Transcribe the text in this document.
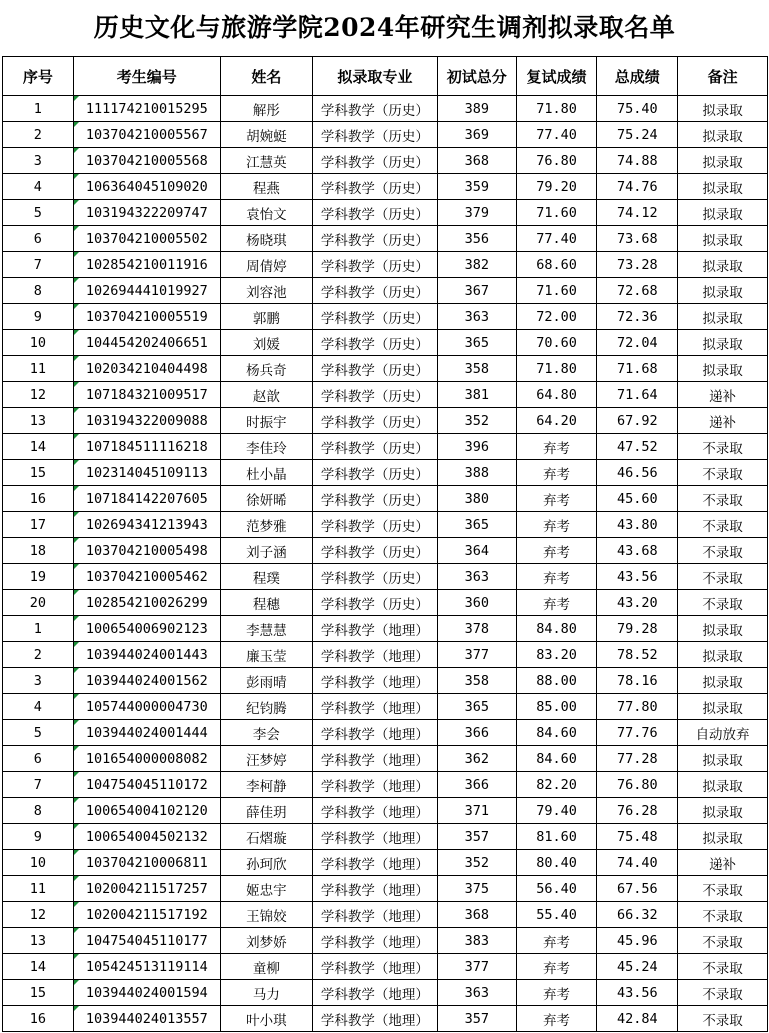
历史文化与旅游学院2024年研究生调剂拟录取名单
序号	考生编号	姓名	拟录取专业	初试总分	复试成绩	总成绩	备注
1	111174210015295	解彤	学科教学（历史）	389	71.80	75.40	拟录取
2	103704210005567	胡婉蜓	学科教学（历史）	369	77.40	75.24	拟录取
3	103704210005568	江慧英	学科教学（历史）	368	76.80	74.88	拟录取
4	106364045109020	程燕	学科教学（历史）	359	79.20	74.76	拟录取
5	103194322209747	袁怡文	学科教学（历史）	379	71.60	74.12	拟录取
6	103704210005502	杨晓琪	学科教学（历史）	356	77.40	73.68	拟录取
7	102854210011916	周倩婷	学科教学（历史）	382	68.60	73.28	拟录取
8	102694441019927	刘容池	学科教学（历史）	367	71.60	72.68	拟录取
9	103704210005519	郭鹏	学科教学（历史）	363	72.00	72.36	拟录取
10	104454202406651	刘媛	学科教学（历史）	365	70.60	72.04	拟录取
11	102034210404498	杨兵奇	学科教学（历史）	358	71.80	71.68	拟录取
12	107184321009517	赵歆	学科教学（历史）	381	64.80	71.64	递补
13	103194322009088	时振宇	学科教学（历史）	352	64.20	67.92	递补
14	107184511116218	李佳玲	学科教学（历史）	396	弃考	47.52	不录取
15	102314045109113	杜小晶	学科教学（历史）	388	弃考	46.56	不录取
16	107184142207605	徐妍晞	学科教学（历史）	380	弃考	45.60	不录取
17	102694341213943	范梦雅	学科教学（历史）	365	弃考	43.80	不录取
18	103704210005498	刘子涵	学科教学（历史）	364	弃考	43.68	不录取
19	103704210005462	程璞	学科教学（历史）	363	弃考	43.56	不录取
20	102854210026299	程穗	学科教学（历史）	360	弃考	43.20	不录取
1	100654006902123	李慧慧	学科教学（地理）	378	84.80	79.28	拟录取
2	103944024001443	廉玉莹	学科教学（地理）	377	83.20	78.52	拟录取
3	103944024001562	彭雨晴	学科教学（地理）	358	88.00	78.16	拟录取
4	105744000004730	纪钧腾	学科教学（地理）	365	85.00	77.80	拟录取
5	103944024001444	李会	学科教学（地理）	366	84.60	77.76	自动放弃
6	101654000008082	汪梦婷	学科教学（地理）	362	84.60	77.28	拟录取
7	104754045110172	李柯静	学科教学（地理）	366	82.20	76.80	拟录取
8	100654004102120	薛佳玥	学科教学（地理）	371	79.40	76.28	拟录取
9	100654004502132	石熠璇	学科教学（地理）	357	81.60	75.48	拟录取
10	103704210006811	孙珂欣	学科教学（地理）	352	80.40	74.40	递补
11	102004211517257	姬忠宇	学科教学（地理）	375	56.40	67.56	不录取
12	102004211517192	王锦姣	学科教学（地理）	368	55.40	66.32	不录取
13	104754045110177	刘梦娇	学科教学（地理）	383	弃考	45.96	不录取
14	105424513119114	童柳	学科教学（地理）	377	弃考	45.24	不录取
15	103944024001594	马力	学科教学（地理）	363	弃考	43.56	不录取
16	103944024013557	叶小琪	学科教学（地理）	357	弃考	42.84	不录取
